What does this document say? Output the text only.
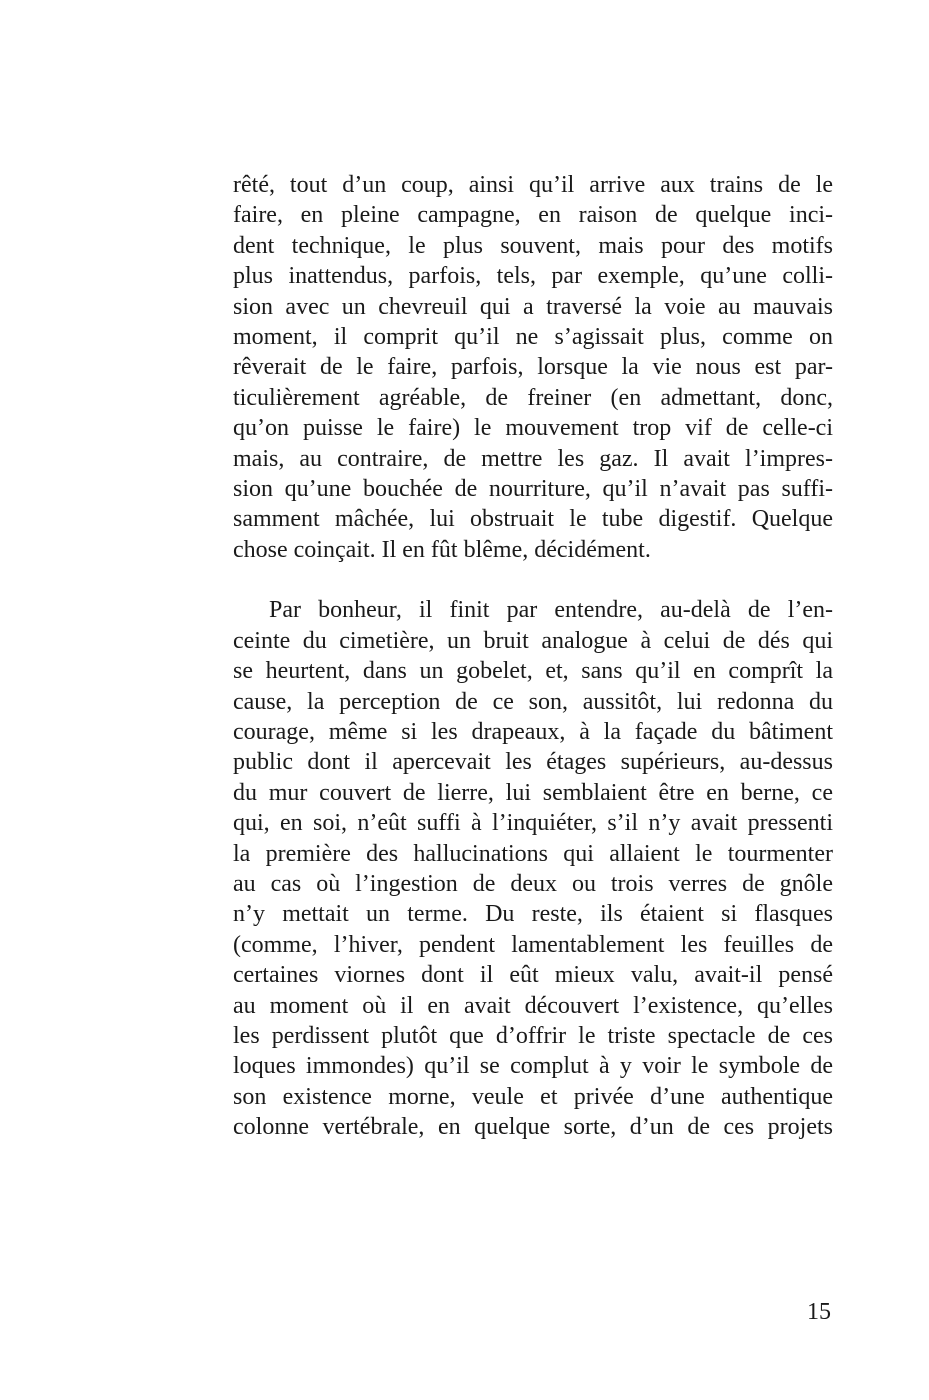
rêté, tout d’un coup, ainsi qu’il arrive aux trains de le
faire, en pleine campagne, en raison de quelque inci-
dent technique, le plus souvent, mais pour des motifs
plus inattendus, parfois, tels, par exemple, qu’une colli-
sion avec un chevreuil qui a traversé la voie au mauvais
moment, il comprit qu’il ne s’agissait plus, comme on
rêverait de le faire, parfois, lorsque la vie nous est par-
ticulièrement agréable, de freiner (en admettant, donc,
qu’on puisse le faire) le mouvement trop vif de celle-ci
mais, au contraire, de mettre les gaz. Il avait l’impres-
sion qu’une bouchée de nourriture, qu’il n’avait pas suffi-
samment mâchée, lui obstruait le tube digestif. Quelque
chose coinçait. Il en fût blême, décidément.

Par bonheur, il finit par entendre, au-delà de l’en-
ceinte du cimetière, un bruit analogue à celui de dés qui
se heurtent, dans un gobelet, et, sans qu’il en comprît la
cause, la perception de ce son, aussitôt, lui redonna du
courage, même si les drapeaux, à la façade du bâtiment
public dont il apercevait les étages supérieurs, au-dessus
du mur couvert de lierre, lui semblaient être en berne, ce
qui, en soi, n’eût suffi à l’inquiéter, s’il n’y avait pressenti
la première des hallucinations qui allaient le tourmenter
au cas où l’ingestion de deux ou trois verres de gnôle
n’y mettait un terme. Du reste, ils étaient si flasques
(comme, l’hiver, pendent lamentablement les feuilles de
certaines viornes dont il eût mieux valu, avait-il pensé
au moment où il en avait découvert l’existence, qu’elles
les perdissent plutôt que d’offrir le triste spectacle de ces
loques immondes) qu’il se complut à y voir le symbole de
son existence morne, veule et privée d’une authentique
colonne vertébrale, en quelque sorte, d’un de ces projets

15
